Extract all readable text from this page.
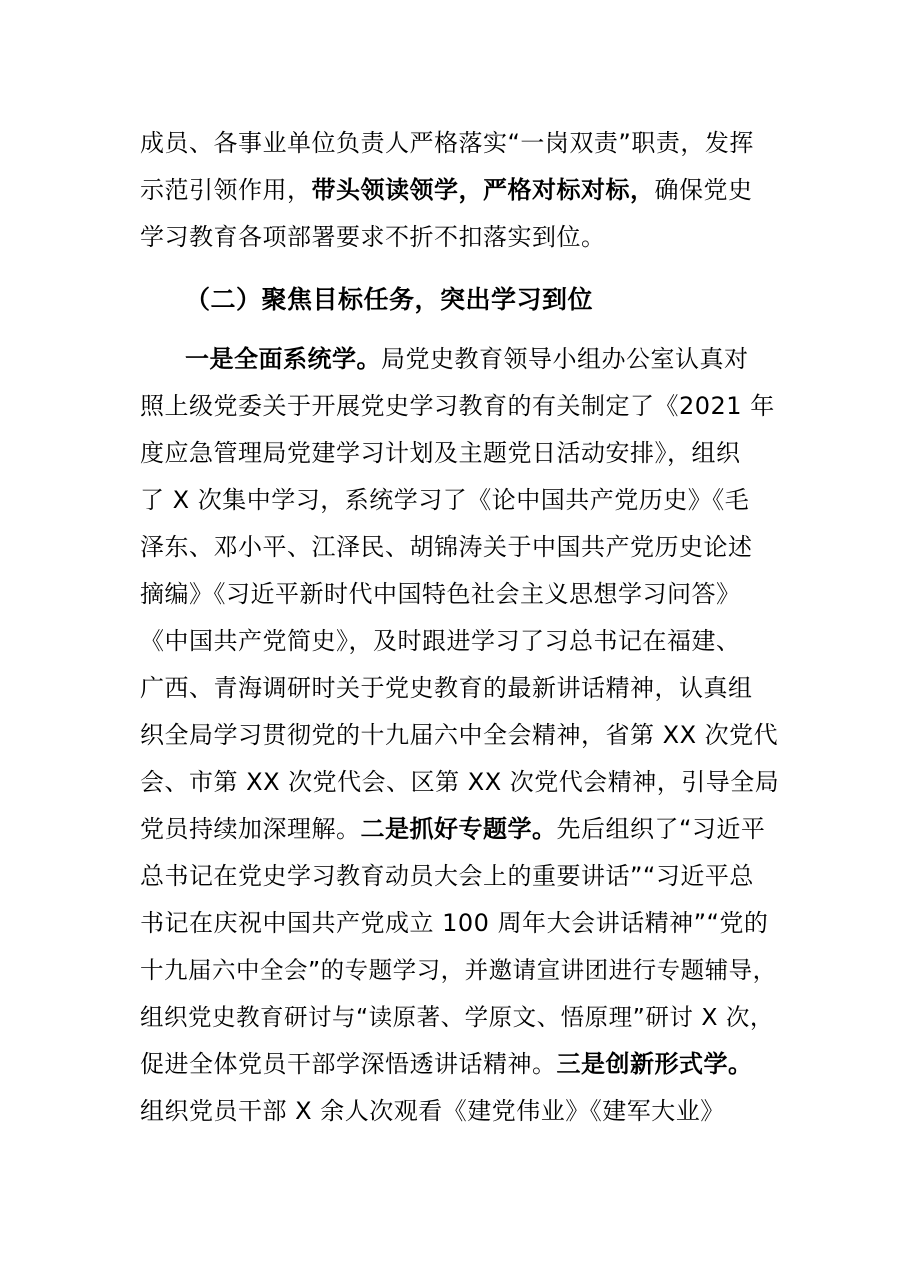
成员、各事业单位负责人严格落实“一岗双责”职责，发挥
示范引领作用，带头领读领学，严格对标对标，确保党史
学习教育各项部署要求不折不扣落实到位。
（二）聚焦目标任务，突出学习到位
一是全面系统学。局党史教育领导小组办公室认真对
照上级党委关于开展党史学习教育的有关制定了《2021 年
度应急管理局党建学习计划及主题党日活动安排》，组织
了 X 次集中学习，系统学习了《论中国共产党历史》《毛
泽东、邓小平、江泽民、胡锦涛关于中国共产党历史论述
摘编》《习近平新时代中国特色社会主义思想学习问答》
《中国共产党简史》，及时跟进学习了习总书记在福建、
广西、青海调研时关于党史教育的最新讲话精神，认真组
织全局学习贯彻党的十九届六中全会精神，省第 XX 次党代
会、市第 XX 次党代会、区第 XX 次党代会精神，引导全局
党员持续加深理解。二是抓好专题学。先后组织了“习近平
总书记在党史学习教育动员大会上的重要讲话”“习近平总
书记在庆祝中国共产党成立 100 周年大会讲话精神”“党的
十九届六中全会”的专题学习，并邀请宣讲团进行专题辅导，
组织党史教育研讨与“读原著、学原文、悟原理”研讨 X 次，
促进全体党员干部学深悟透讲话精神。三是创新形式学。
组织党员干部 X 余人次观看《建党伟业》《建军大业》
